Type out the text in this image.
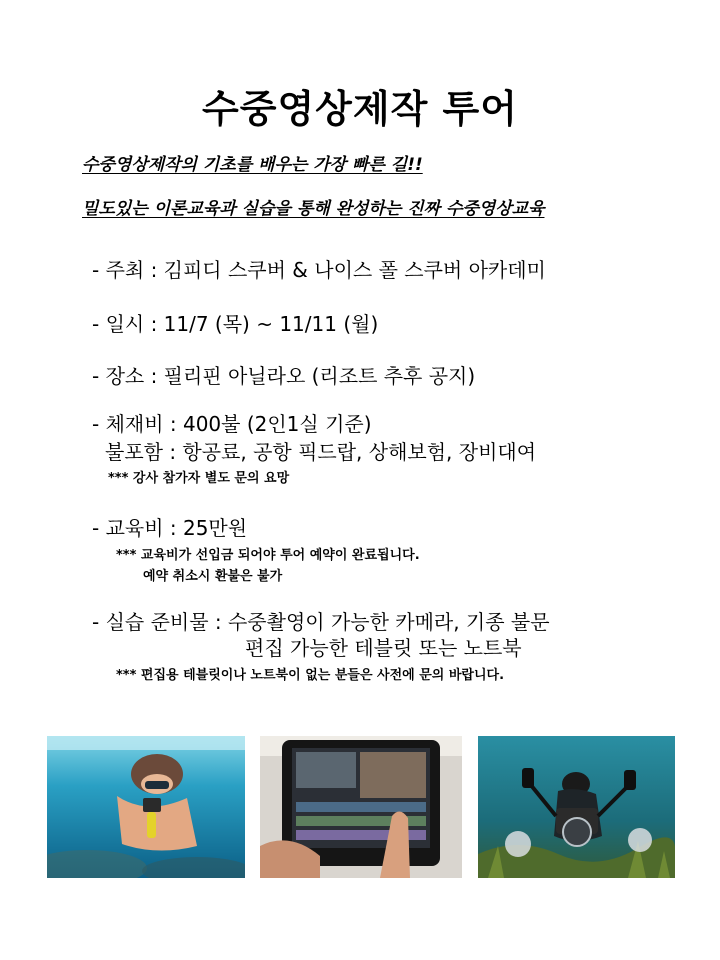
수중영상제작 투어
수중영상제작의 기초를 배우는 가장 빠른 길!!
밀도있는 이론교육과 실습을 통해 완성하는 진짜 수중영상교육
- 주최 : 김피디 스쿠버 & 나이스 폴 스쿠버 아카데미
- 일시 : 11/7 (목) ~ 11/11 (월)
- 장소 : 필리핀 아닐라오 (리조트 추후 공지)
- 체재비 : 400불 (2인1실 기준)
불포함 : 항공료, 공항 픽드랍, 상해보험, 장비대여
*** 강사 참가자 별도 문의 요망
- 교육비 : 25만원
*** 교육비가 선입금 되어야 투어 예약이 완료됩니다.
예약 취소시 환불은 불가
- 실습 준비물 : 수중촬영이 가능한 카메라, 기종 불문
편집 가능한 테블릿 또는 노트북
*** 편집용 테블릿이나 노트북이 없는 분들은 사전에 문의 바랍니다.
